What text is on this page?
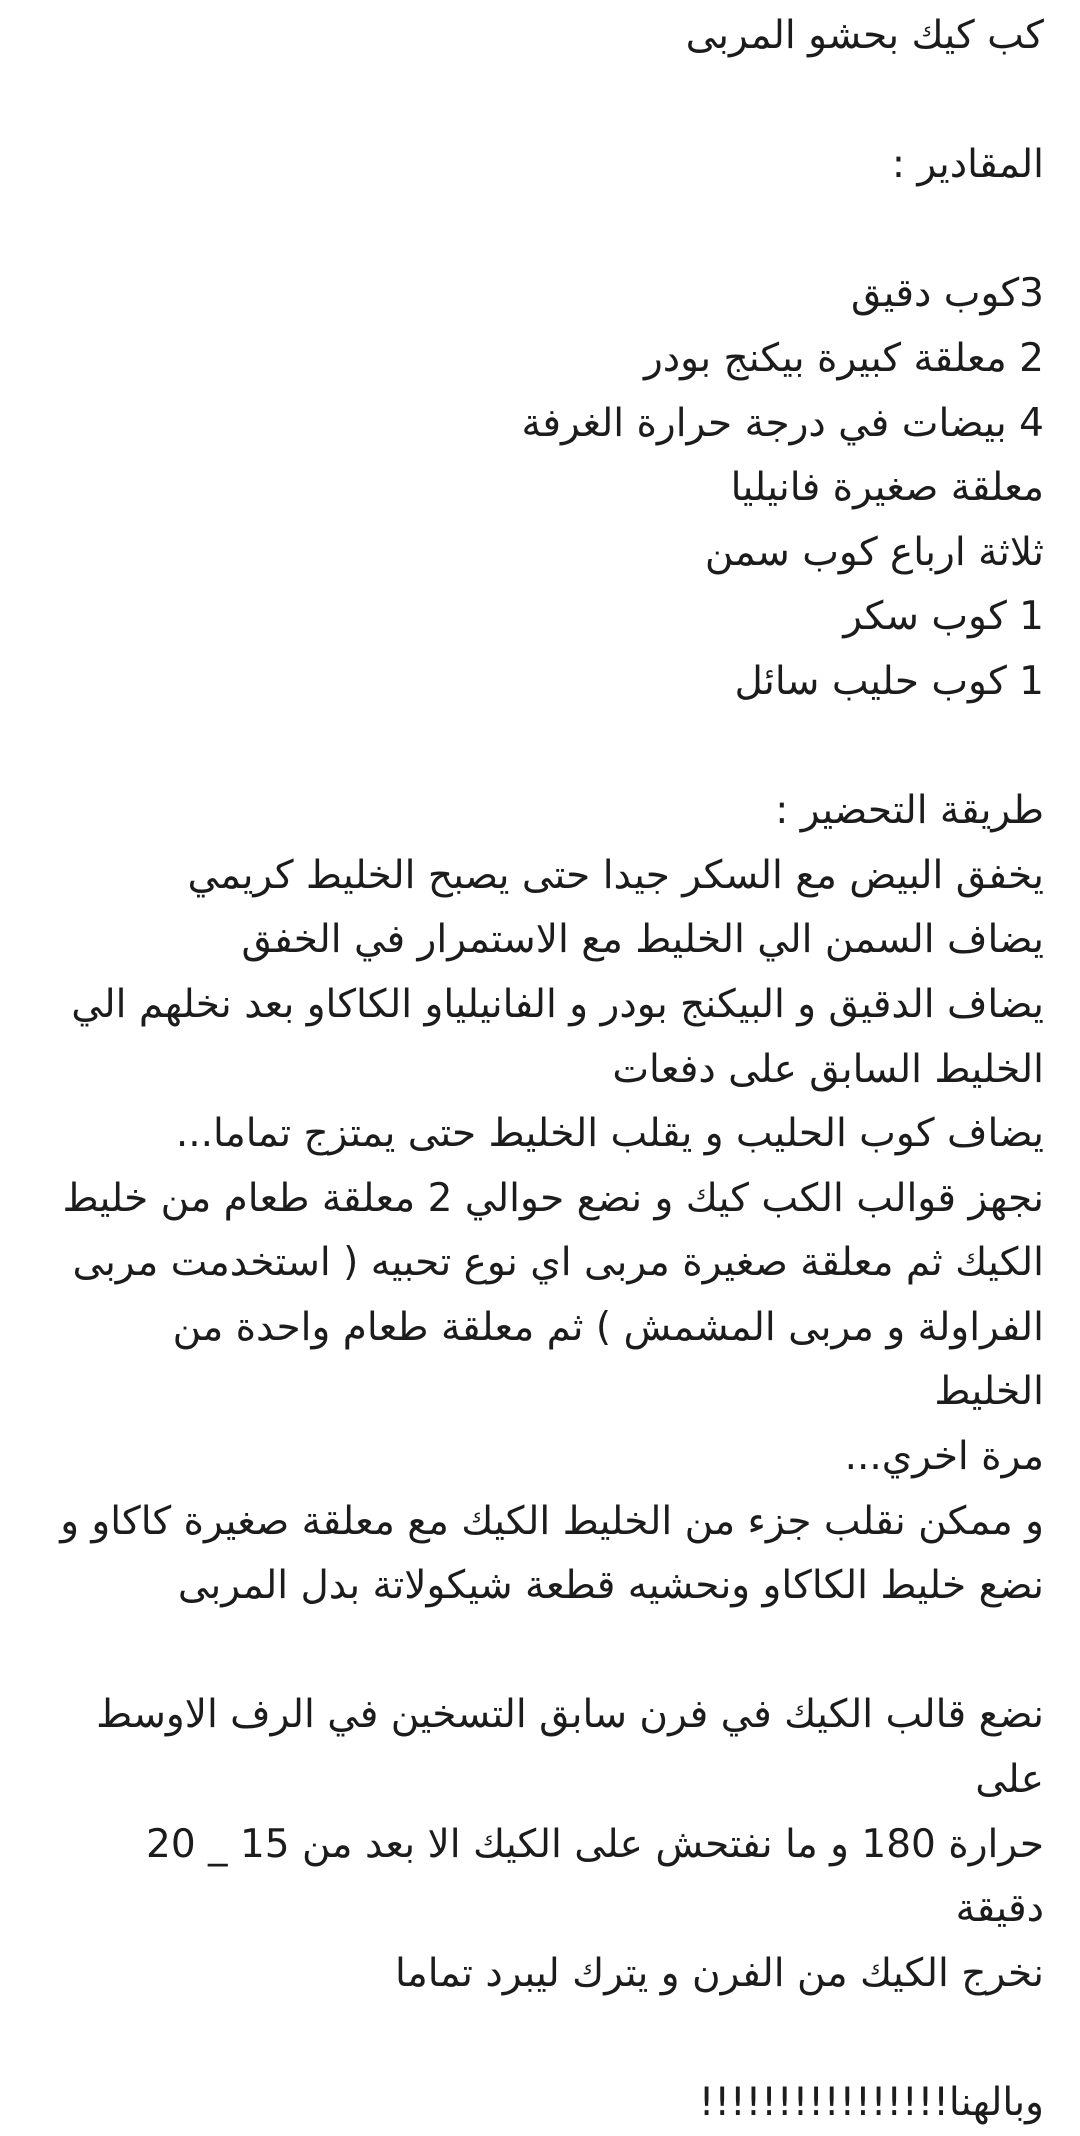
كب كيك بحشو المربى
المقادير :
3كوب دقيق
2 معلقة كبيرة بيكنج بودر
4 بيضات في درجة حرارة الغرفة
معلقة صغيرة فانيليا
ثلاثة ارباع كوب سمن
1 كوب سكر
1 كوب حليب سائل
طريقة التحضير :
يخفق البيض مع السكر جيدا حتى يصبح الخليط كريمي
يضاف السمن الي الخليط مع الاستمرار في الخفق
يضاف الدقيق و البيكنج بودر و الفانيلياو الكاكاو بعد نخلهم الي
الخليط السابق على دفعات
يضاف كوب الحليب و يقلب الخليط حتى يمتزج تماما...
نجهز قوالب الكب كيك و نضع حوالي 2 معلقة طعام من خليط
الكيك ثم معلقة صغيرة مربى اي نوع تحبيه ( استخدمت مربى
الفراولة و مربى المشمش ) ثم معلقة طعام واحدة من الخليط
مرة اخري...
و ممكن نقلب جزء من الخليط الكيك مع معلقة صغيرة كاكاو و
نضع خليط الكاكاو ونحشيه قطعة شيكولاتة بدل المربى
نضع قالب الكيك في فرن سابق التسخين في الرف الاوسط على
حرارة 180 و ما نفتحش على الكيك الا بعد من 15 _ 20 دقيقة
نخرج الكيك من الفرن و يترك ليبرد تماما
وبالهنا!!!!!!!!!!!!!!!!
